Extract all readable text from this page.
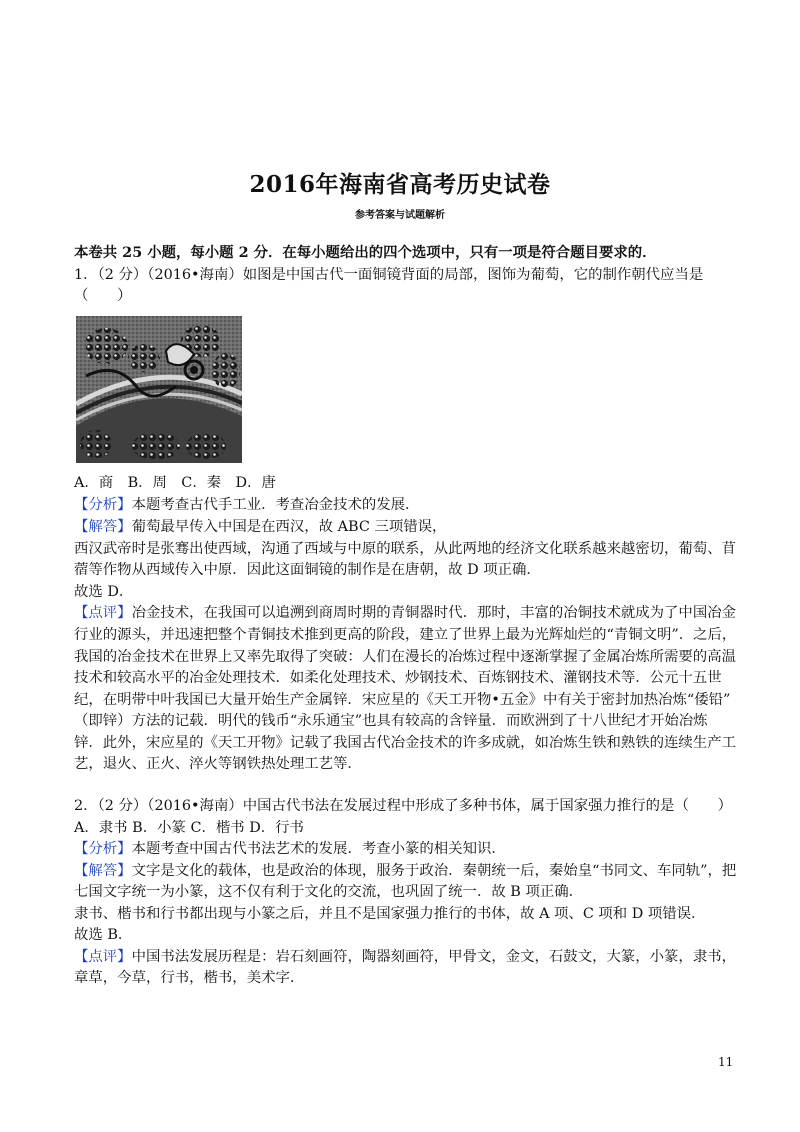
2016年海南省高考历史试卷
参考答案与试题解析
本卷共 25 小题，每小题 2 分．在每小题给出的四个选项中，只有一项是符合题目要求的．
1．（2 分）（2016•海南）如图是中国古代一面铜镜背面的局部，图饰为葡萄，它的制作朝代应当是
（　　）
A．商　B．周　C．秦　D．唐
【分析】本题考查古代手工业．考查冶金技术的发展．
【解答】葡萄最早传入中国是在西汉，故 ABC 三项错误，
西汉武帝时是张骞出使西域，沟通了西域与中原的联系，从此两地的经济文化联系越来越密切，葡萄、苜
蓿等作物从西域传入中原．因此这面铜镜的制作是在唐朝，故 D 项正确．
故选 D．
【点评】冶金技术，在我国可以追溯到商周时期的青铜器时代．那时，丰富的冶铜技术就成为了中国冶金
行业的源头，并迅速把整个青铜技术推到更高的阶段，建立了世界上最为光辉灿烂的“青铜文明”．之后，
我国的冶金技术在世界上又率先取得了突破：人们在漫长的冶炼过程中逐渐掌握了金属冶炼所需要的高温
技术和较高水平的冶金处理技术．如柔化处理技术、炒钢技术、百炼钢技术、灌钢技术等．公元十五世
纪，在明带中叶我国已大量开始生产金属锌．宋应星的《天工开物•五金》中有关于密封加热冶炼“倭铅”
（即锌）方法的记载．明代的钱币“永乐通宝”也具有较高的含锌量．而欧洲到了十八世纪才开始冶炼
锌．此外，宋应星的《天工开物》记载了我国古代冶金技术的许多成就，如冶炼生铁和熟铁的连续生产工
艺，退火、正火、淬火等钢铁热处理工艺等．
2．（2 分）（2016•海南）中国古代书法在发展过程中形成了多种书体，属于国家强力推行的是（　　）
A．隶书 B．小篆 C．楷书 D．行书
【分析】本题考查中国古代书法艺术的发展．考查小篆的相关知识．
【解答】文字是文化的载体，也是政治的体现，服务于政治．秦朝统一后，秦始皇“书同文、车同轨”，把
七国文字统一为小篆，这不仅有利于文化的交流，也巩固了统一．故 B 项正确．
隶书、楷书和行书都出现与小篆之后，并且不是国家强力推行的书体，故 A 项、C 项和 D 项错误．
故选 B．
【点评】中国书法发展历程是：岩石刻画符，陶器刻画符，甲骨文，金文，石鼓文，大篆，小篆，隶书，
章草，今草，行书，楷书，美术字．
11
